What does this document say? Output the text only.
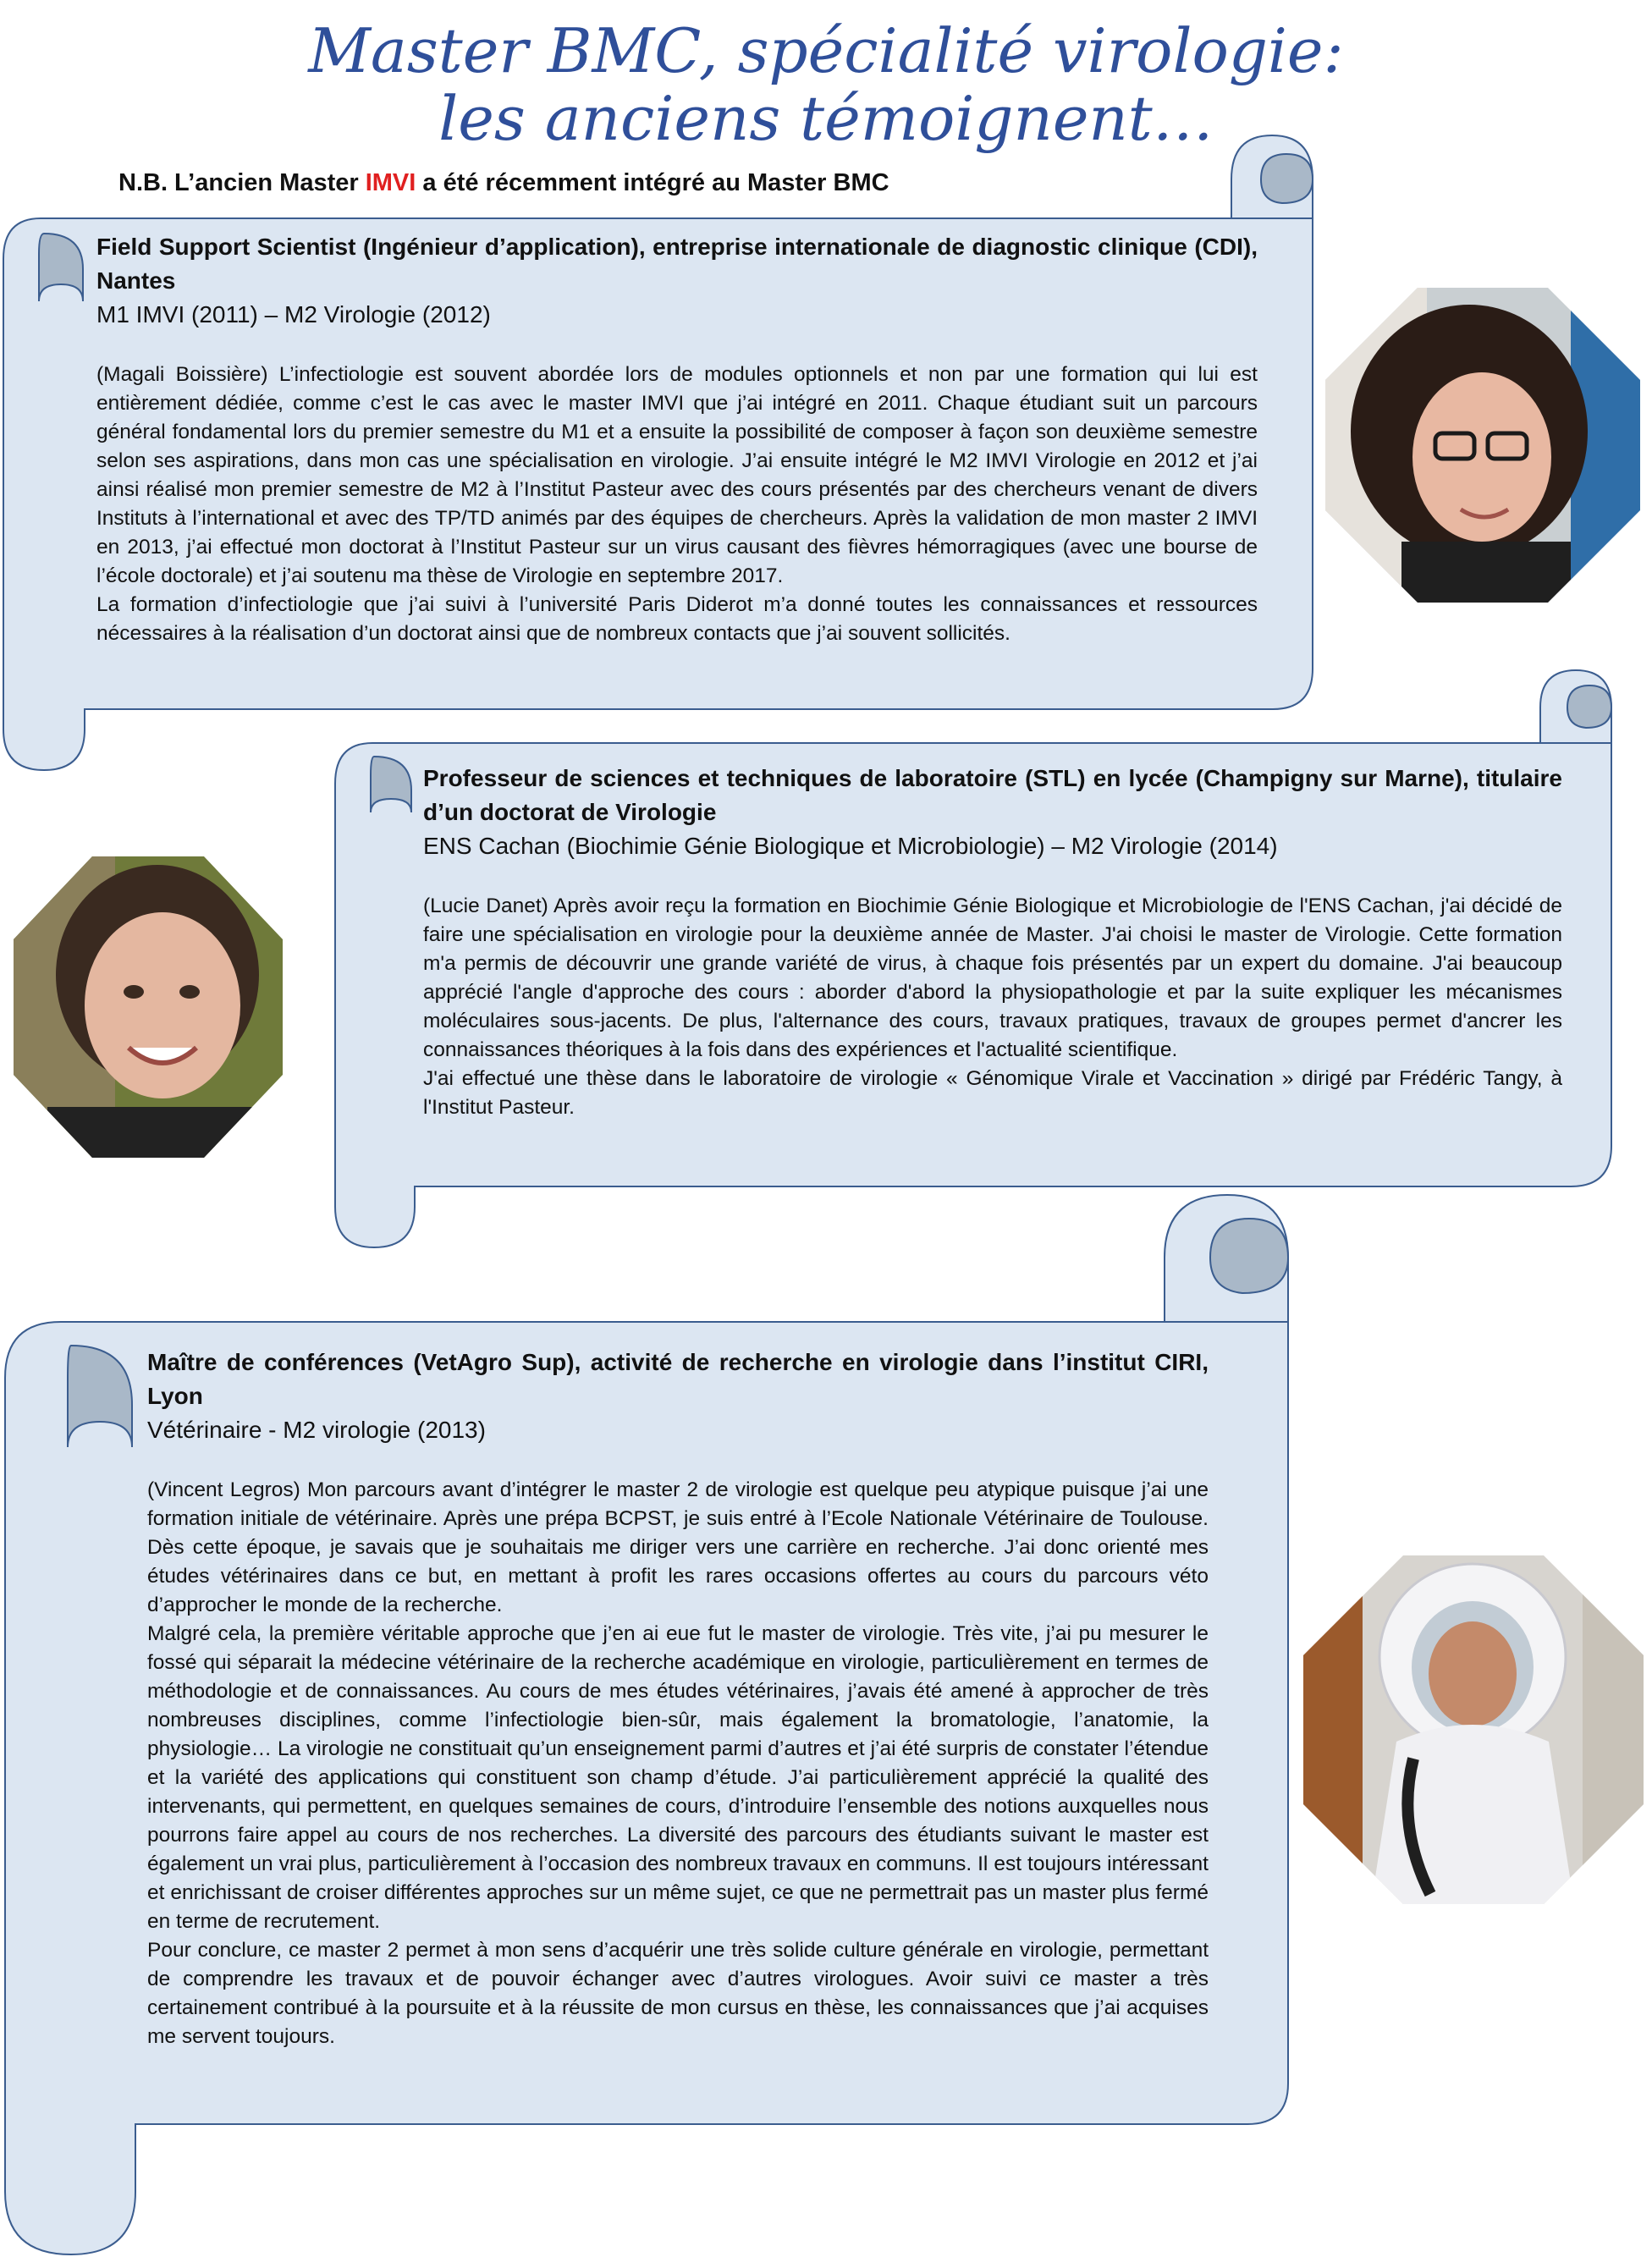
Master BMC, spécialité virologie:
les anciens témoignent…
N.B. L’ancien Master IMVI a été récemment intégré au Master BMC
Field Support Scientist (Ingénieur d’application), entreprise internationale de diagnostic clinique (CDI), Nantes
M1 IMVI (2011) – M2 Virologie (2012)

(Magali Boissière) L’infectiologie est souvent abordée lors de modules optionnels et non par une formation qui lui est entièrement dédiée, comme c’est le cas avec le master IMVI que j’ai intégré en 2011. Chaque étudiant suit un parcours général fondamental lors du premier semestre du M1 et a ensuite la possibilité de composer à façon son deuxième semestre selon ses aspirations, dans mon cas une spécialisation en virologie. J’ai ensuite intégré le M2 IMVI Virologie en 2012 et j’ai ainsi réalisé mon premier semestre de M2 à l’Institut Pasteur avec des cours présentés par des chercheurs venant de divers Instituts à l’international et avec des TP/TD animés par des équipes de chercheurs. Après la validation de mon master 2 IMVI en 2013, j’ai effectué mon doctorat à l’Institut Pasteur sur un virus causant des fièvres hémorragiques (avec une bourse de l’école doctorale) et j’ai soutenu ma thèse de Virologie en septembre 2017.

La formation d’infectiologie que j’ai suivi à l’université Paris Diderot m’a donné toutes les connaissances et ressources nécessaires à la réalisation d’un doctorat ainsi que de nombreux contacts que j’ai souvent sollicités.

Professeur de sciences et techniques de laboratoire (STL) en lycée (Champigny sur Marne), titulaire d’un doctorat de Virologie
ENS Cachan (Biochimie Génie Biologique et Microbiologie) – M2 Virologie (2014)

(Lucie Danet) Après avoir reçu la formation en Biochimie Génie Biologique et Microbiologie de l'ENS Cachan, j'ai décidé de faire une spécialisation en virologie pour la deuxième année de Master. J'ai choisi le master de Virologie. Cette formation m'a permis de découvrir une grande variété de virus, à chaque fois présentés par un expert du domaine. J'ai beaucoup apprécié l'angle d'approche des cours : aborder d'abord la physiopathologie et par la suite expliquer les mécanismes moléculaires sous-jacents. De plus, l'alternance des cours, travaux pratiques, travaux de groupes permet d'ancrer les connaissances théoriques à la fois dans des expériences et l'actualité scientifique.

J'ai effectué une thèse dans le laboratoire de virologie « Génomique Virale et Vaccination » dirigé par Frédéric Tangy, à l'Institut Pasteur.

Maître de conférences (VetAgro Sup), activité de recherche en virologie dans l’institut CIRI, Lyon
Vétérinaire - M2 virologie (2013)

(Vincent Legros) Mon parcours avant d’intégrer le master 2 de virologie est quelque peu atypique puisque j’ai une formation initiale de vétérinaire. Après une prépa BCPST, je suis entré à l’Ecole Nationale Vétérinaire de Toulouse. Dès cette époque, je savais que je souhaitais me diriger vers une carrière en recherche. J’ai donc orienté mes études vétérinaires dans ce but, en mettant à profit les rares occasions offertes au cours du parcours véto d’approcher le monde de la recherche.

Malgré cela, la première véritable approche que j’en ai eue fut le master de virologie. Très vite, j’ai pu mesurer le fossé qui séparait la médecine vétérinaire de la recherche académique en virologie, particulièrement en termes de méthodologie et de connaissances. Au cours de mes études vétérinaires, j’avais été amené à approcher de très nombreuses disciplines, comme l’infectiologie bien-sûr, mais également la bromatologie, l’anatomie, la physiologie… La virologie ne constituait qu’un enseignement parmi d’autres et j’ai été surpris de constater l’étendue et la variété des applications qui constituent son champ d’étude. J’ai particulièrement apprécié la qualité des intervenants, qui permettent, en quelques semaines de cours, d’introduire l’ensemble des notions auxquelles nous pourrons faire appel au cours de nos recherches. La diversité des parcours des étudiants suivant le master est également un vrai plus, particulièrement à l’occasion des nombreux travaux en communs. Il est toujours intéressant et enrichissant de croiser différentes approches sur un même sujet, ce que ne permettrait pas un master plus fermé en terme de recrutement.

Pour conclure, ce master 2 permet à mon sens d’acquérir une très solide culture générale en virologie, permettant de comprendre les travaux et de pouvoir échanger avec d’autres virologues. Avoir suivi ce master a très certainement contribué à la poursuite et à la réussite de mon cursus en thèse, les connaissances que j’ai acquises me servent toujours.
